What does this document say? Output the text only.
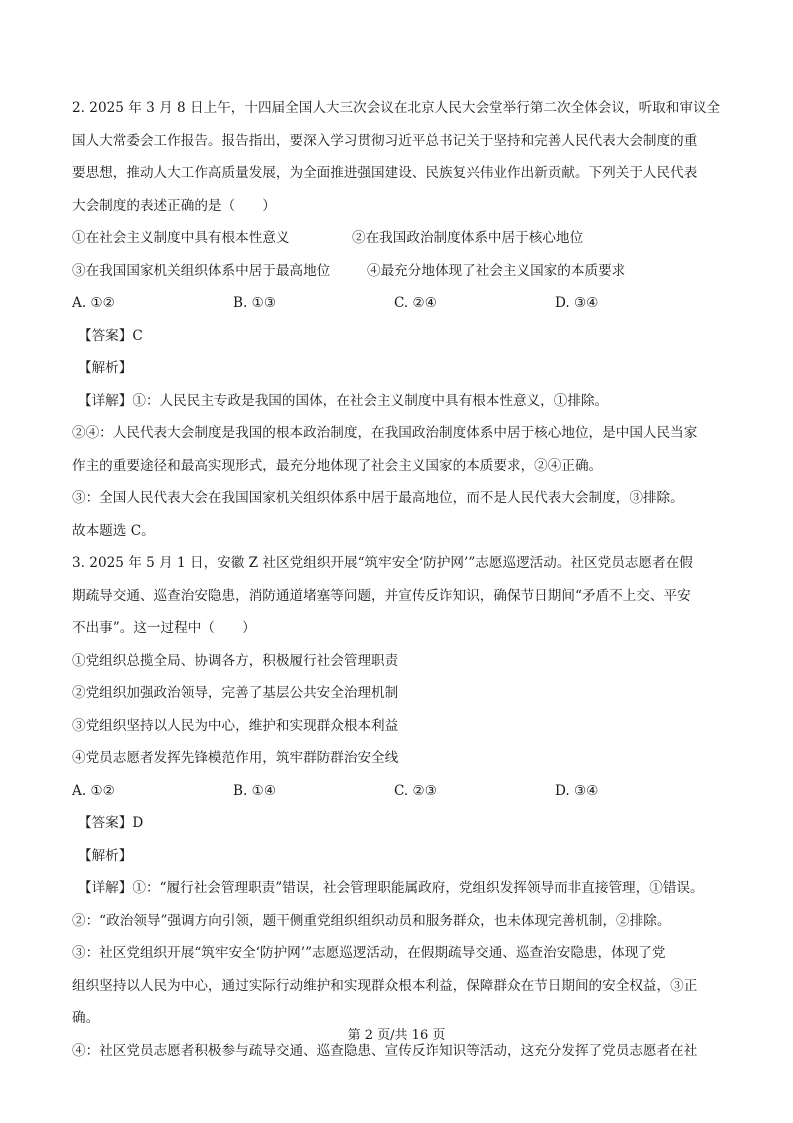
2. 2025 年 3 月 8 日上午，十四届全国人大三次会议在北京人民大会堂举行第二次全体会议，听取和审议全
国人大常委会工作报告。报告指出，要深入学习贯彻习近平总书记关于坚持和完善人民代表大会制度的重
要思想，推动人大工作高质量发展，为全面推进强国建设、民族复兴伟业作出新贡献。下列关于人民代表
大会制度的表述正确的是（　　）
①在社会主义制度中具有根本性意义	②在我国政治制度体系中居于核心地位
③在我国国家机关组织体系中居于最高地位	④最充分地体现了社会主义国家的本质要求
A. ①②	B. ①③	C. ②④	D. ③④
【答案】C
【解析】
【详解】①：人民民主专政是我国的国体，在社会主义制度中具有根本性意义，①排除。
②④：人民代表大会制度是我国的根本政治制度，在我国政治制度体系中居于核心地位，是中国人民当家
作主的重要途径和最高实现形式，最充分地体现了社会主义国家的本质要求，②④正确。
③：全国人民代表大会在我国国家机关组织体系中居于最高地位，而不是人民代表大会制度，③排除。
故本题选 C。
3. 2025 年 5 月 1 日，安徽 Z 社区党组织开展“筑牢安全‘防护网’”志愿巡逻活动。社区党员志愿者在假
期疏导交通、巡查治安隐患，消防通道堵塞等问题，并宣传反诈知识，确保节日期间“矛盾不上交、平安
不出事”。这一过程中（　　）
①党组织总揽全局、协调各方，积极履行社会管理职责
②党组织加强政治领导，完善了基层公共安全治理机制
③党组织坚持以人民为中心，维护和实现群众根本利益
④党员志愿者发挥先锋模范作用，筑牢群防群治安全线
A. ①②	B. ①④	C. ②③	D. ③④
【答案】D
【解析】
【详解】①：“履行社会管理职责”错误，社会管理职能属政府，党组织发挥领导而非直接管理，①错误。
②：“政治领导”强调方向引领，题干侧重党组织组织动员和服务群众，也未体现完善机制，②排除。
③：社区党组织开展“筑牢安全‘防护网’”志愿巡逻活动，在假期疏导交通、巡查治安隐患，体现了党
组织坚持以人民为中心，通过实际行动维护和实现群众根本利益，保障群众在节日期间的安全权益，③正
确。
④：社区党员志愿者积极参与疏导交通、巡查隐患、宣传反诈知识等活动，这充分发挥了党员志愿者在社
第 2 页/共 16 页
